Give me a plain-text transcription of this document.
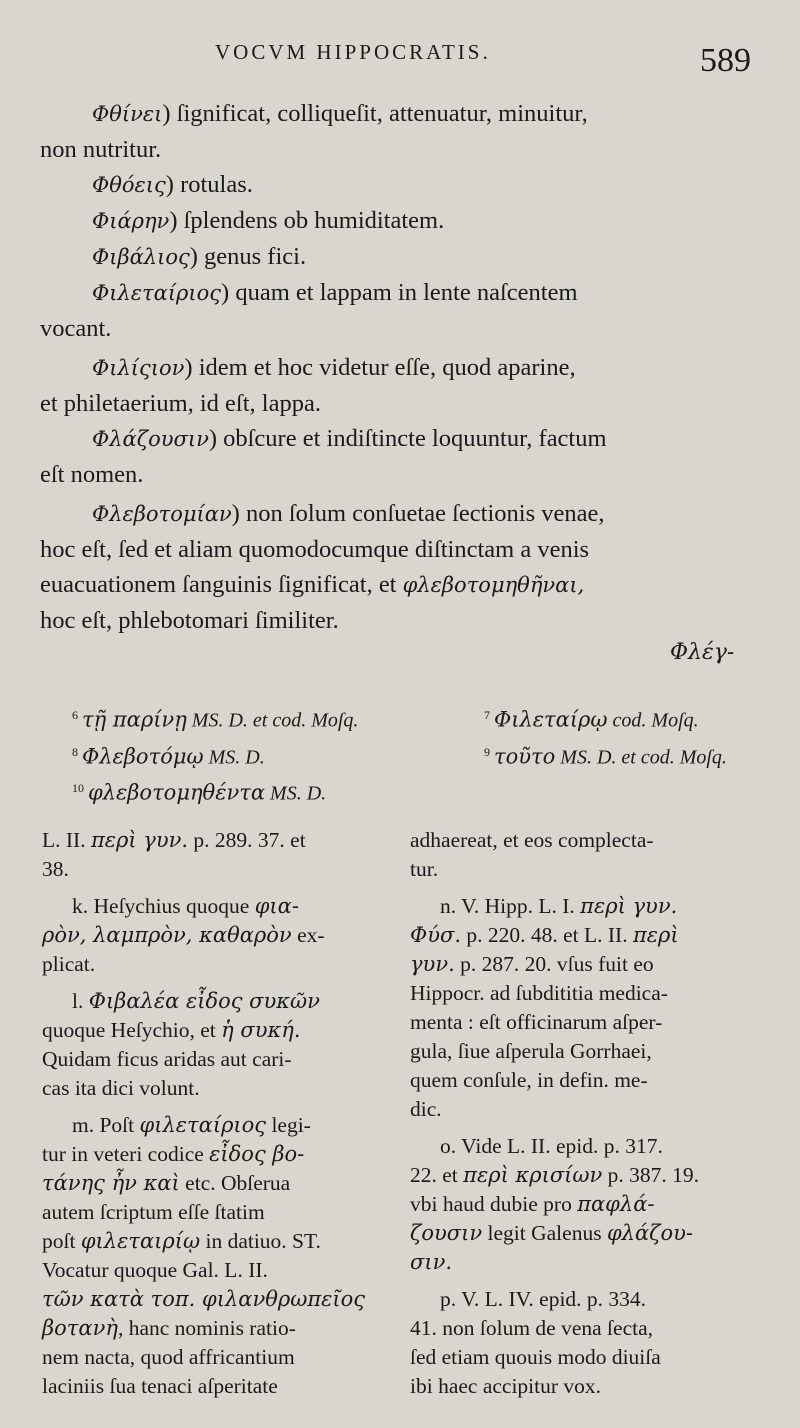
VOCVM HIPPOCRATIS.	589
Φθίνει) ſignificat, colliqueſit, attenuatur, minuitur,
non nutritur.
Φθόεις) rotulas.
Φιάρην) ſplendens ob humiditatem.
Φιβάλιος) genus fici.
Φιλεταίριος) quam et lappam in lente naſcentem
vocant.
Φιλίςιον) idem et hoc videtur eſſe, quod aparine,
et philetaerium, id eſt, lappa.
Φλάζουσιν) obſcure et indiſtincte loquuntur, factum
eſt nomen.
Φλεβοτομίαν) non ſolum conſuetae ſectionis venae,
hoc eſt, ſed et aliam quomodocumque diſtinctam a venis
euacuationem ſanguinis ſignificat, et φλεβοτομηθῆναι,
hoc eſt, phlebotomari ſimiliter.
Φλέγ-
$^6$ τῇ παρίνῃ MS. D. et cod. Moſq.	$^7$ Φιλεταίρῳ cod. Moſq.
$^8$ Φλεβοτόμῳ MS. D.	$^9$ τοῦτο MS. D. et cod. Moſq.
$^{10}$ φλεβοτομηθέντα MS. D.
L. II. περὶ γυν. p. 289. 37. et
38.
k. Heſychius quoque φια-
ρὸν, λαμπρὸν, καθαρὸν ex-
plicat.
l. Φιβαλέα εἶδος συκῶν
quoque Heſychio, et ἡ συκή.
Quidam ficus aridas aut cari-
cas ita dici volunt.
m. Poſt φιλεταίριος legi-
tur in veteri codice εἶδος βο-
τάνης ἦν καὶ etc. Obſerua
autem ſcriptum eſſe ſtatim
poſt φιλεταιρίῳ in datiuo. ST.
Vocatur quoque Gal. L. II.
τῶν κατὰ τοπ. φιλανθρωπεῖος
βοτανὴ, hanc nominis ratio-
nem nacta, quod affricantium
laciniis ſua tenaci aſperitate
adhaereat, et eos complecta-
tur.
n. V. Hipp. L. I. περὶ γυν.
Φύσ. p. 220. 48. et L. II. περὶ
γυν. p. 287. 20. vſus fuit eo
Hippocr. ad ſubdititia medica-
menta : eſt officinarum aſper-
gula, ſiue aſperula Gorrhaei,
quem conſule, in defin. me-
dic.
o. Vide L. II. epid. p. 317.
22. et περὶ κρισίων p. 387. 19.
vbi haud dubie pro παφλά-
ζουσιν legit Galenus φλάζου-
σιν.
p. V. L. IV. epid. p. 334.
41. non ſolum de vena ſecta,
ſed etiam quouis modo diuiſa
ibi haec accipitur vox.
